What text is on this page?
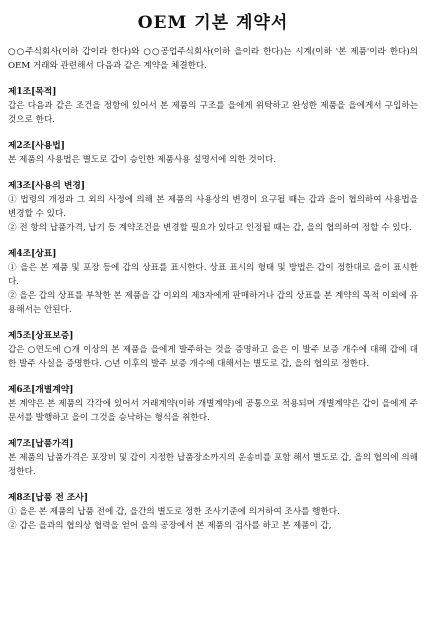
OEM 기본 계약서

○○주식회사(이하 갑이라 한다)와 ○○공업주식회사(이하 을이라 한다)는 시계(이하 '본 제품'이라 한다)의 OEM 거래와 관련해서 다음과 같은 계약을 체결한다.

제1조[목적]

갑은 다음과 같은 조건을 정함에 있어서 본 제품의 구조를 을에게 위탁하고 완성한 제품을 을에게서 구입하는 것으로 한다.

제2조[사용법]

본 제품의 사용법은 별도로 갑이 승인한 제품사용 설명서에 의한 것이다.

제3조[사용의 변경]

① 법령의 개정과 그 외의 사정에 의해 본 제품의 사용상의 변경이 요구될 때는 갑과 을이 협의하여 사용법을 변경할 수 있다.

② 전 항의 납품가격, 납기 등 계약조건을 변경할 필요가 있다고 인정될 때는 갑, 을의 협의하여 정할 수 있다.

제4조[상표]

① 을은 본 제품 및 포장 등에 갑의 상표를 표시한다. 상표 표시의 형태 및 방법은 갑이 정한대로 을이 표시한다.

② 을은 갑의 상표를 부착한 본 제품을 갑 이외의 제3자에게 판매하거나 갑의 상표를 본 계약의 목적 이외에 유용해서는 안된다.

제5조[상표보증]

갑은 ○연도에 ○개 이상의 본 제품을 을에게 발주하는 것을 증명하고 을은 이 발주 보증 개수에 대해 갑에 대한 발주 사실을 증명한다. ○년 이후의 발주 보증 개수에 대해서는 별도로 갑, 을의 협의로 정한다.

제6조[개별계약]

본 계약은 본 제품의 각각에 있어서 거래계약(이하 개별계약)에 공통으로 적용되며 개별계약은 갑이 을에게 주문서를 발행하고 을이 그것을 승낙하는 형식을 취한다.

제7조[납품가격]

본 제품의 납품가격은 포장비 및 갑이 지정한 납품장소까지의 운송비를 포함 해서 별도로 갑, 을의 협의에 의해 정한다.

제8조[납품 전 조사]

① 을은 본 제품의 납품 전에 갑, 을간의 별도로 정한 조사기준에 의거하여 조사를 행한다.

② 갑은 을과의 협의상 협력을 얻어 을의 공장에서 본 제품의 검사를 하고 본 제품이 갑,
